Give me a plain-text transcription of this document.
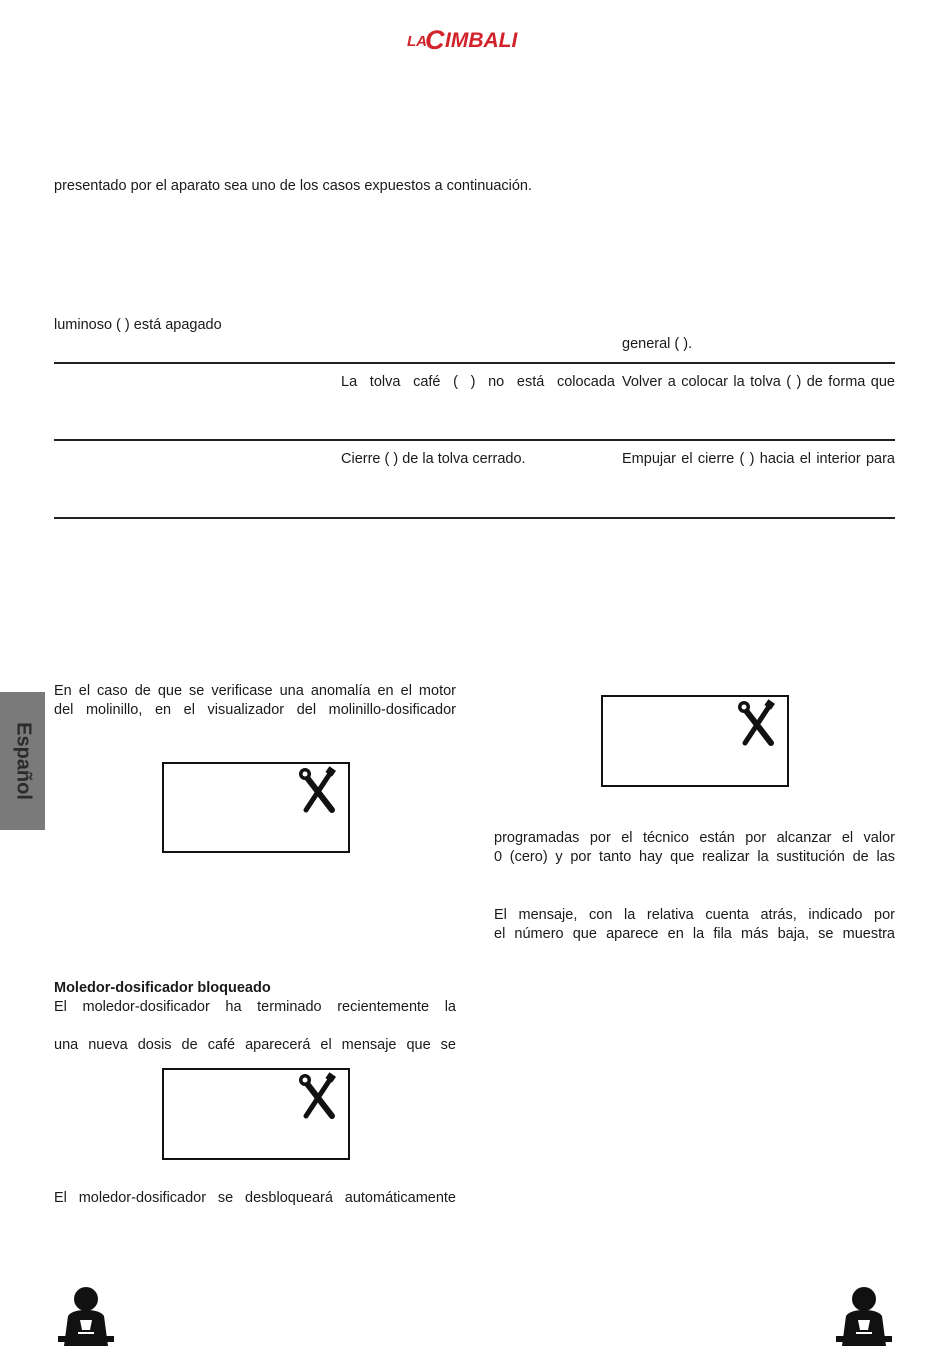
LA
C IMBALI
presentado por el aparato sea uno de los casos expuestos a continuación.
luminoso ( ) está apagado
general ( ).
La tolva café ( ) no está colocada Volver a colocar la tolva ( ) de forma que
Cierre ( ) de la tolva cerrado.	Empujar el cierre ( ) hacia el interior para
Español
En el caso de que se verificase una anomalía en el motor
del molinillo, en el visualizador del molinillo-dosificador
Moledor-dosificador bloqueado
El moledor-dosificador ha terminado recientemente la
una nueva dosis de café aparecerá el mensaje que se
El moledor-dosificador se desbloqueará automáticamente
programadas por el técnico están por alcanzar el valor
0 (cero) y por tanto hay que realizar la sustitución de las
El mensaje, con la relativa cuenta atrás, indicado por
el número que aparece en la fila más baja, se muestra
